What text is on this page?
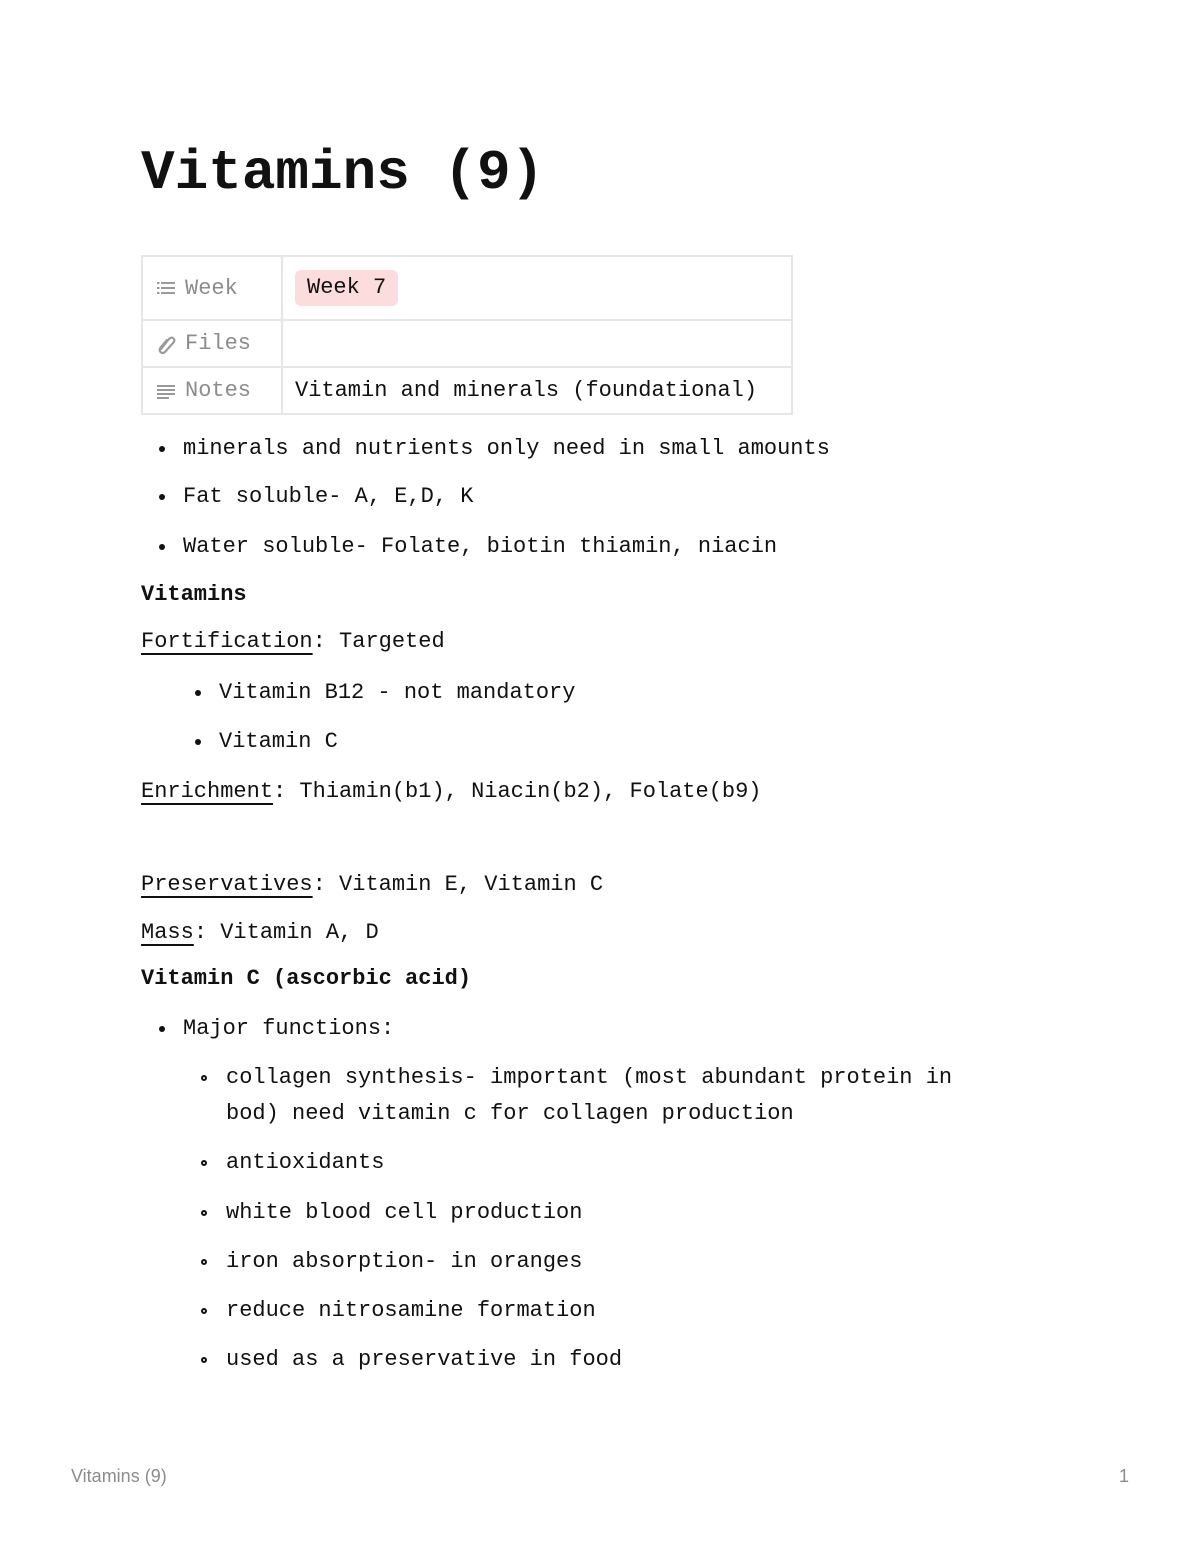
Vitamins (9)
Week	Week 7

Files	

Notes	Vitamin and minerals (foundational)
minerals and nutrients only need in small amounts
Fat soluble- A, E,D, K
Water soluble- Folate, biotin thiamin, niacin
Vitamins
Fortification: Targeted
Vitamin B12 - not mandatory
Vitamin C
Enrichment: Thiamin(b1), Niacin(b2), Folate(b9)
Preservatives: Vitamin E, Vitamin C
Mass: Vitamin A, D
Vitamin C (ascorbic acid)
Major functions:
collagen synthesis- important (most abundant protein in
bod) need vitamin c for collagen production
antioxidants
white blood cell production
iron absorption- in oranges
reduce nitrosamine formation
used as a preservative in food
Vitamins (9)	1
